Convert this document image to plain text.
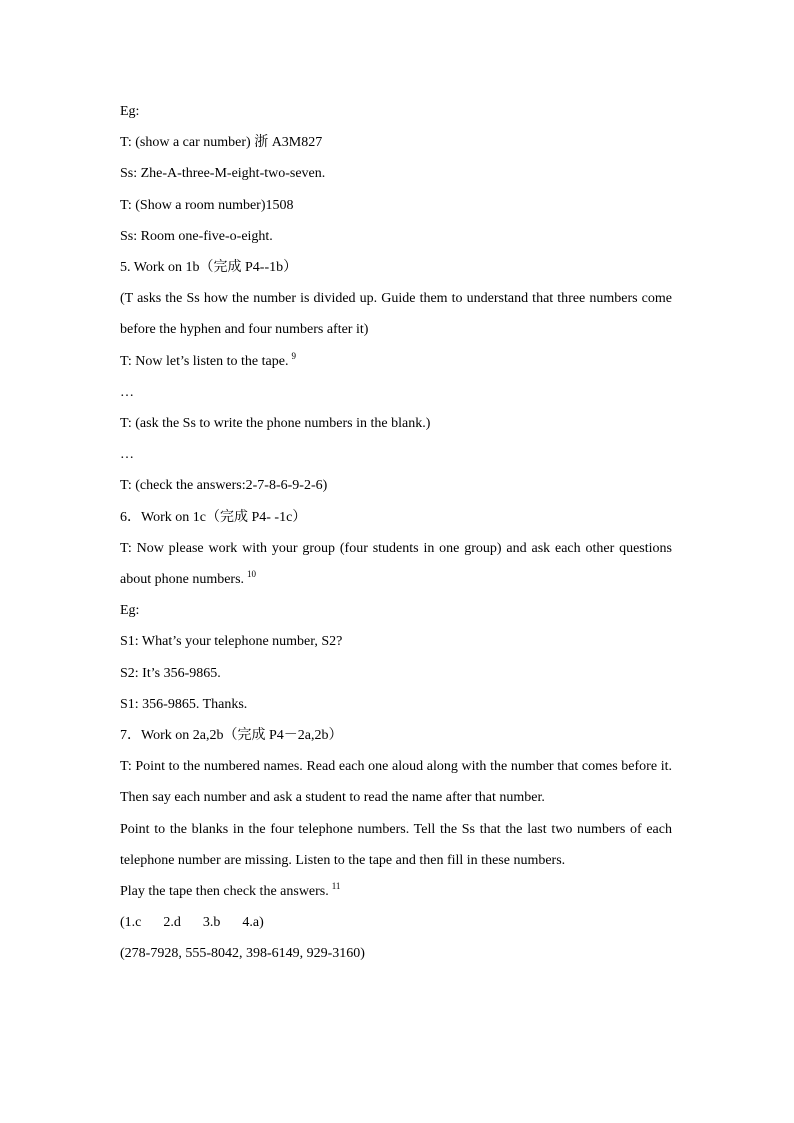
Eg:
T: (show a car number) 浙 A3M827
Ss: Zhe-A-three-M-eight-two-seven.
T: (Show a room number)1508
Ss: Room one-five-o-eight.
5. Work on 1b（完成 P4--1b）
(T asks the Ss how the number is divided up. Guide them to understand that three numbers come before the hyphen and four numbers after it)
T: Now let’s listen to the tape. $^9$
…
T: (ask the Ss to write the phone numbers in the blank.)
…
T: (check the answers:2-7-8-6-9-2-6)
6．Work on 1c（完成 P4- -1c）
T: Now please work with your group (four students in one group) and ask each other questions about phone numbers. $^{10}$
Eg:
S1: What’s your telephone number, S2?
S2: It’s 356-9865.
S1: 356-9865. Thanks.
7．Work on 2a,2b（完成 P4－2a,2b）
T: Point to the numbered names. Read each one aloud along with the number that comes before it. Then say each number and ask a student to read the name after that number.
Point to the blanks in the four telephone numbers. Tell the Ss that the last two numbers of each telephone number are missing. Listen to the tape and then fill in these numbers.
Play the tape then check the answers. $^{11}$
(1.c 2.d 3.b 4.a)
(278-7928, 555-8042, 398-6149, 929-3160)
